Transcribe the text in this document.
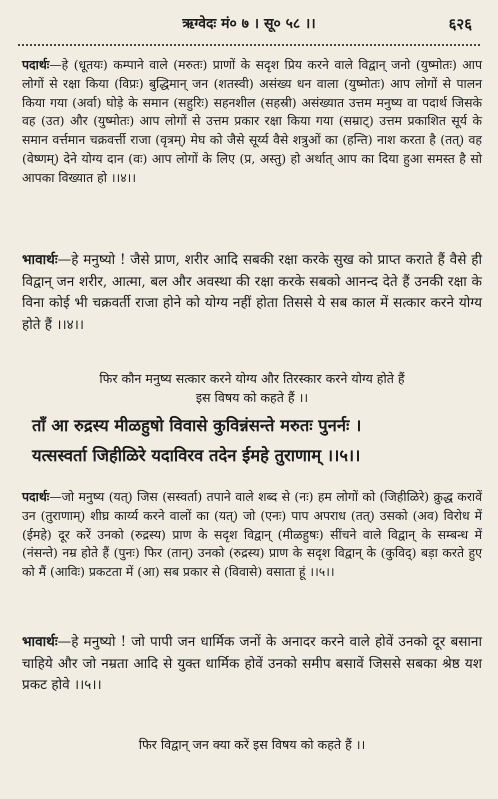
ऋग्वेदः मं० ७ । सू० ५८ ।।	६२६

पदार्थः—हे (धूतयः) कम्पाने वाले (मरुतः) प्राणों के सदृश प्रिय करने वाले विद्वान् जनो (युष्मोतः) आप लोगों से रक्षा किया (विप्रः) बुद्धिमान् जन (शतस्वी) असंख्य धन वाला (युष्मोतः) आप लोगों से पालन किया गया (अर्वा) घोड़े के समान (सहुरिः) सहनशील (सहस्री) असंख्यात उत्तम मनुष्य वा पदार्थ जिसके वह (उत) और (युष्मोतः) आप लोगों से उत्तम प्रकार रक्षा किया गया (सम्राट्) उत्तम प्रकाशित सूर्य के समान वर्त्तमान चक्रवर्त्ती राजा (वृत्रम्) मेघ को जैसे सूर्य्य वैसे शत्रुओं का (हन्ति) नाश करता है (तत्) वह (वेष्णम्) देने योग्य दान (वः) आप लोगों के लिए (प्र, अस्तु) हो अर्थात् आप का दिया हुआ समस्त है सो आपका विख्यात हो ।।४।।

भावार्थः—हे मनुष्यो ! जैसे प्राण, शरीर आदि सबकी रक्षा करके सुख को प्राप्त कराते हैं वैसे ही विद्वान् जन शरीर, आत्मा, बल और अवस्था की रक्षा करके सबको आनन्द देते हैं उनकी रक्षा के विना कोई भी चक्रवर्ती राजा होने को योग्य नहीं होता तिससे ये सब काल में सत्कार करने योग्य होते हैं ।।४।।

फिर कौन मनुष्य सत्कार करने योग्य और तिरस्कार करने योग्य होते हैं

इस विषय को कहते हैं ।।

ताँ आ रुद्रस्य मीळहुषो विवासे कुविन्नंसन्ते मरुतः पुनर्नः ।

यत्सस्वर्ता जिहीळिरे यदाविरव तदेन ईमहे तुराणाम् ।।५।।

पदार्थः—जो मनुष्य (यत्) जिस (सस्वर्ता) तपाने वाले शब्द से (नः) हम लोगों को (जिहीळिरे) क्रुद्ध करावें उन (तुराणाम्) शीघ्र कार्य्य करने वालों का (यत्) जो (एनः) पाप अपराध (तत्) उसको (अव) विरोध में (ईमहे) दूर करें उनको (रुद्रस्य) प्राण के सदृश विद्वान् (मीळहुषः) सींचने वाले विद्वान् के सम्बन्ध में (नंसन्ते) नम्र होते हैं (पुनः) फिर (तान्) उनको (रुद्रस्य) प्राण के सदृश विद्वान् के (कुविद्) बड़ा करते हुए को मैं (आविः) प्रकटता में (आ) सब प्रकार से (विवासे) वसाता हूं ।।५।।

भावार्थः—हे मनुष्यो ! जो पापी जन धार्मिक जनों के अनादर करने वाले होवें उनको दूर बसाना चाहिये और जो नम्रता आदि से युक्त धार्मिक होवें उनको समीप बसावें जिससे सबका श्रेष्ठ यश प्रकट होवे ।।५।।

फिर विद्वान् जन क्या करें इस विषय को कहते हैं ।।
